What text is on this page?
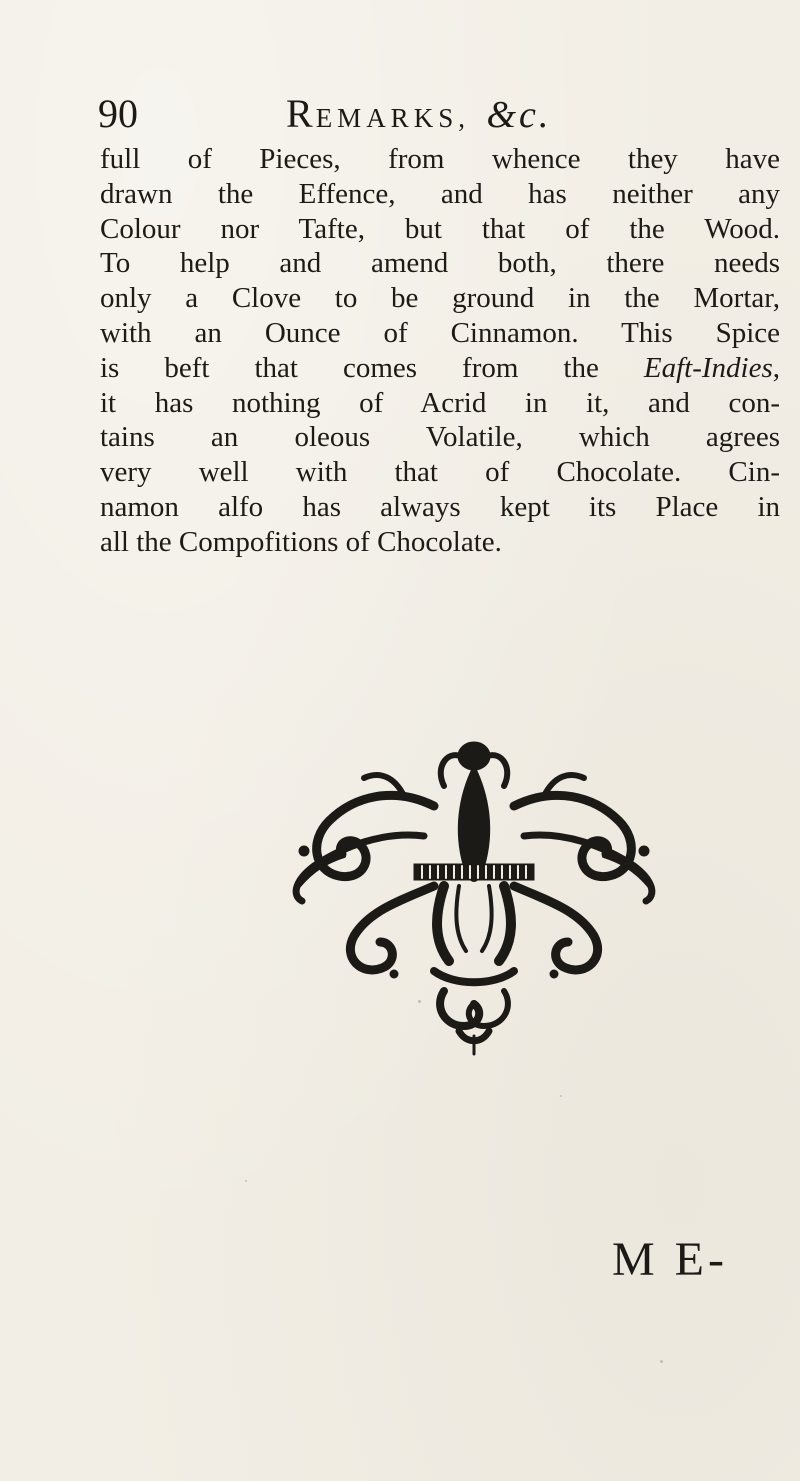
90	REMARKS, &c.
full of Pieces, from whence they have
drawn the Effence, and has neither any
Colour nor Tafte, but that of the Wood.
To help and amend both, there needs
only a Clove to be ground in the Mortar,
with an Ounce of Cinnamon. This Spice
is beft that comes from the Eaft-Indies,
it has nothing of Acrid in it, and con-
tains an oleous Volatile, which agrees
very well with that of Chocolate. Cin-
namon alfo has always kept its Place in
all the Compofitions of Chocolate.
M E-
